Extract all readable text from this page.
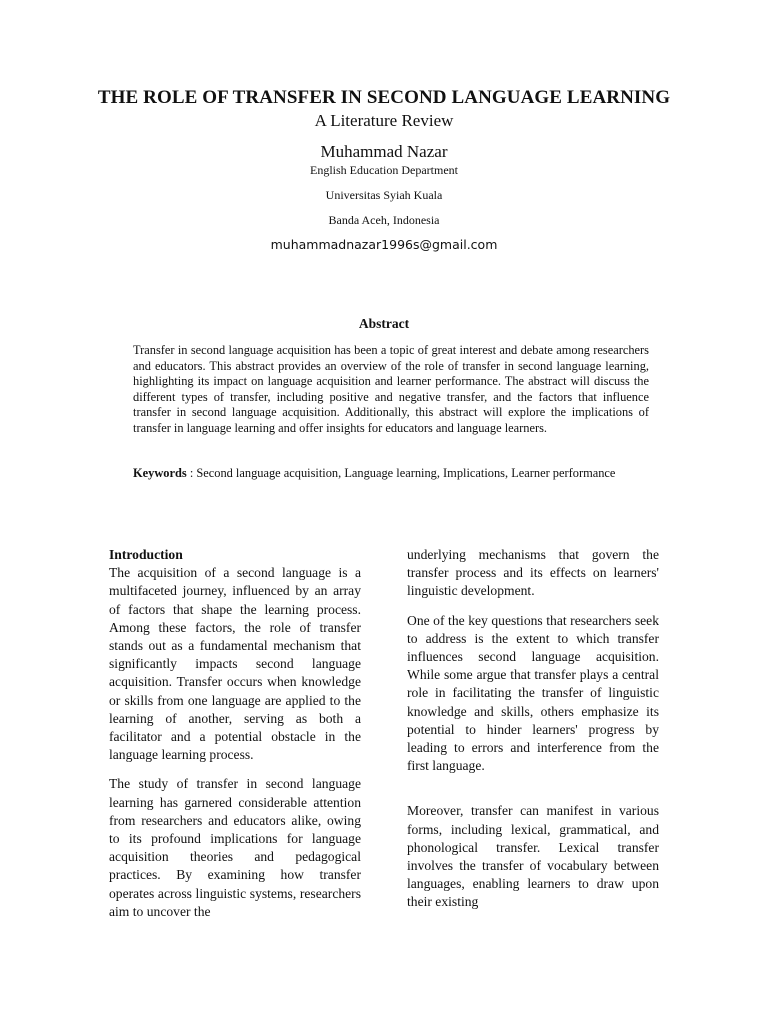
THE ROLE OF TRANSFER IN SECOND LANGUAGE LEARNING
A Literature Review
Muhammad Nazar
English Education Department
Universitas Syiah Kuala
Banda Aceh, Indonesia
muhammadnazar1996s@gmail.com
Abstract

Transfer in second language acquisition has been a topic of great interest and debate among researchers and educators. This abstract provides an overview of the role of transfer in second language learning, highlighting its impact on language acquisition and learner performance. The abstract will discuss the different types of transfer, including positive and negative transfer, and the factors that influence transfer in second language acquisition. Additionally, this abstract will explore the implications of transfer in language learning and offer insights for educators and language learners.

Keywords : Second language acquisition, Language learning, Implications, Learner performance
Introduction

The acquisition of a second language is a multifaceted journey, influenced by an array of factors that shape the learning process. Among these factors, the role of transfer stands out as a fundamental mechanism that significantly impacts second language acquisition. Transfer occurs when knowledge or skills from one language are applied to the learning of another, serving as both a facilitator and a potential obstacle in the language learning process.

The study of transfer in second language learning has garnered considerable attention from researchers and educators alike, owing to its profound implications for language acquisition theories and pedagogical practices. By examining how transfer operates across linguistic systems, researchers aim to uncover the

underlying mechanisms that govern the transfer process and its effects on learners' linguistic development.

One of the key questions that researchers seek to address is the extent to which transfer influences second language acquisition. While some argue that transfer plays a central role in facilitating the transfer of linguistic knowledge and skills, others emphasize its potential to hinder learners' progress by leading to errors and interference from the first language.

Moreover, transfer can manifest in various forms, including lexical, grammatical, and phonological transfer. Lexical transfer involves the transfer of vocabulary between languages, enabling learners to draw upon their existing
